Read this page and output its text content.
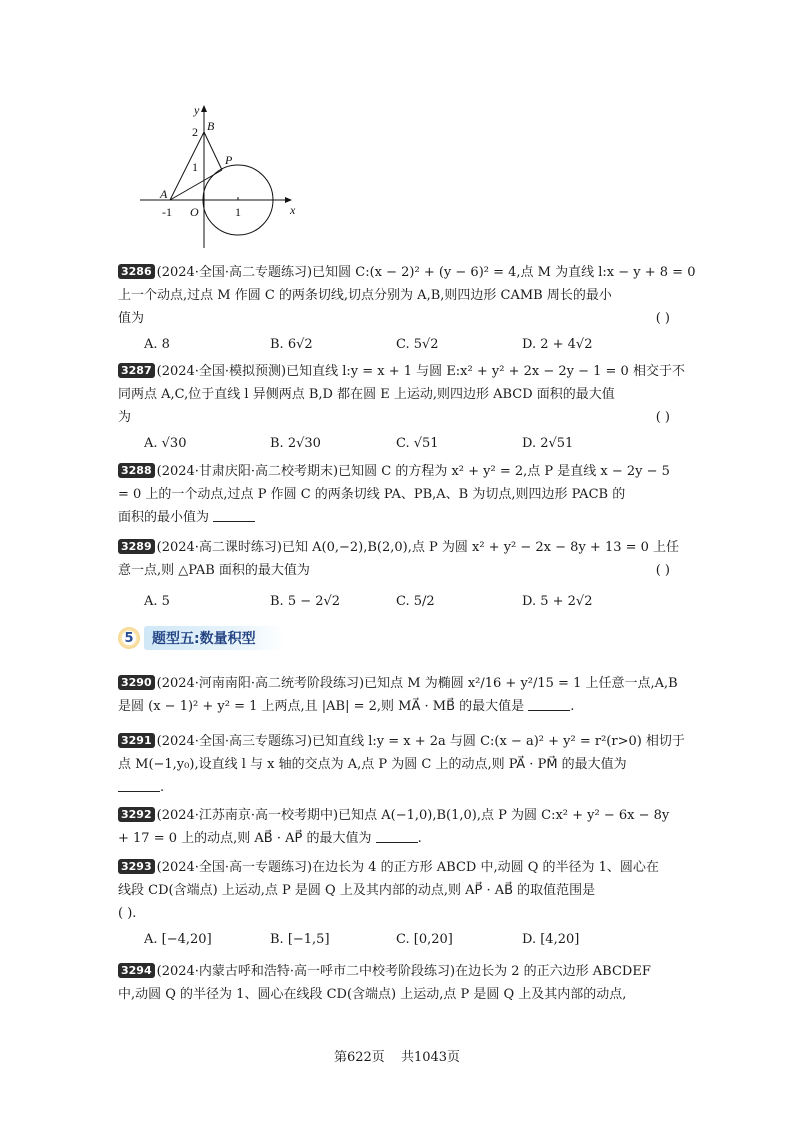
y
x
2 B
1 P
A
-1 O	1
3286 (2024·全国·高二专题练习)已知圆 C:(x − 2)² + (y − 6)² = 4,点 M 为直线 l:x − y + 8 = 0
上一个动点,过点 M 作圆 C 的两条切线,切点分别为 A,B,则四边形 CAMB 周长的最小
值为	( )
A. 8	B. 6√2	C. 5√2	D. 2 + 4√2
3287 (2024·全国·模拟预测)已知直线 l:y = x + 1 与圆 E:x² + y² + 2x − 2y − 1 = 0 相交于不
同两点 A,C,位于直线 l 异侧两点 B,D 都在圆 E 上运动,则四边形 ABCD 面积的最大值
为	( )
A. √30	B. 2√30	C. √51	D. 2√51
3288 (2024·甘肃庆阳·高二校考期末)已知圆 C 的方程为 x² + y² = 2,点 P 是直线 x − 2y − 5
= 0 上的一个动点,过点 P 作圆 C 的两条切线 PA、PB,A、B 为切点,则四边形 PACB 的
面积的最小值为
3289 (2024·高二课时练习)已知 A(0,−2),B(2,0),点 P 为圆 x² + y² − 2x − 8y + 13 = 0 上任
意一点,则 △PAB 面积的最大值为	( )
A. 5	B. 5 − 2√2	C. 5/2	D. 5 + 2√2
5	题型五:数量积型
3290 (2024·河南南阳·高二统考阶段练习)已知点 M 为椭圆 x²/16 + y²/15 = 1 上任意一点,A,B
是圆 (x − 1)² + y² = 1 上两点,且 |AB| = 2,则 MA⃗ · MB⃗ 的最大值是	.
3291 (2024·全国·高三专题练习)已知直线 l:y = x + 2a 与圆 C:(x − a)² + y² = r²(r>0) 相切于
点 M(−1,y₀),设直线 l 与 x 轴的交点为 A,点 P 为圆 C 上的动点,则 PA⃗ · PM⃗ 的最大值为
.
3292 (2024·江苏南京·高一校考期中)已知点 A(−1,0),B(1,0),点 P 为圆 C:x² + y² − 6x − 8y
+ 17 = 0 上的动点,则 AB⃗ · AP⃗ 的最大值为	.
3293 (2024·全国·高一专题练习)在边长为 4 的正方形 ABCD 中,动圆 Q 的半径为 1、圆心在
线段 CD(含端点) 上运动,点 P 是圆 Q 上及其内部的动点,则 AP⃗ · AB⃗ 的取值范围是
( ).
A. [−4,20]	B. [−1,5]	C. [0,20]	D. [4,20]
3294 (2024·内蒙古呼和浩特·高一呼市二中校考阶段练习)在边长为 2 的正六边形 ABCDEF
中,动圆 Q 的半径为 1、圆心在线段 CD(含端点) 上运动,点 P 是圆 Q 上及其内部的动点,
第622页 共1043页
